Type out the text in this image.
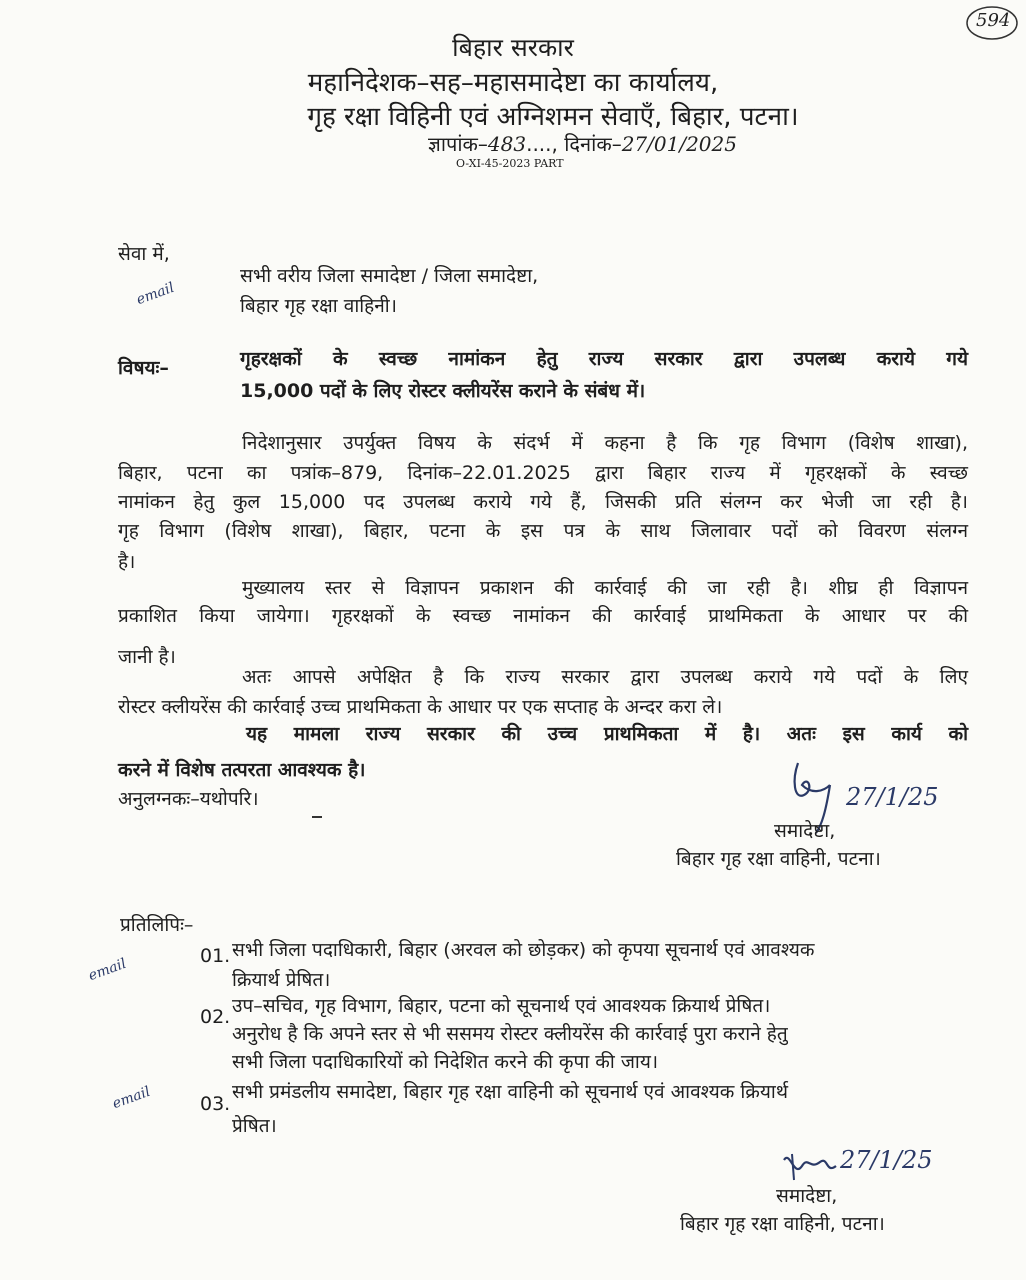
594
बिहार सरकार
महानिदेशक–सह–महासमादेष्टा का कार्यालय,
गृह रक्षा विहिनी एवं अग्निशमन सेवाएँ, बिहार, पटना।
ज्ञापांक–483...., दिनांक–27/01/2025
O-XI-45-2023 PART
सेवा में,
सभी वरीय जिला समादेष्टा / जिला समादेष्टा,
बिहार गृह रक्षा वाहिनी।
email
विषयः–	गृहरक्षकों के स्वच्छ नामांकन हेतु राज्य सरकार द्वारा उपलब्ध कराये गये
15,000 पदों के लिए रोस्टर क्लीयरेंस कराने के संबंध में।
निदेशानुसार उपर्युक्त विषय के संदर्भ में कहना है कि गृह विभाग (विशेष शाखा),
बिहार, पटना का पत्रांक–879, दिनांक–22.01.2025 द्वारा बिहार राज्य में गृहरक्षकों के स्वच्छ
नामांकन हेतु कुल 15,000 पद उपलब्ध कराये गये हैं, जिसकी प्रति संलग्न कर भेजी जा रही है।
गृह विभाग (विशेष शाखा), बिहार, पटना के इस पत्र के साथ जिलावार पदों को विवरण संलग्न
है।
मुख्यालय स्तर से विज्ञापन प्रकाशन की कार्रवाई की जा रही है। शीघ्र ही विज्ञापन
प्रकाशित किया जायेगा। गृहरक्षकों के स्वच्छ नामांकन की कार्रवाई प्राथमिकता के आधार पर की
जानी है।
अतः आपसे अपेक्षित है कि राज्य सरकार द्वारा उपलब्ध कराये गये पदों के लिए
रोस्टर क्लीयरेंस की कार्रवाई उच्च प्राथमिकता के आधार पर एक सप्ताह के अन्दर करा ले।
यह मामला राज्य सरकार की उच्च प्राथमिकता में है। अतः इस कार्य को
करने में विशेष तत्परता आवश्यक है।
अनुलग्नकः–यथोपरि।	27/1/25
समादेष्टा,
बिहार गृह रक्षा वाहिनी, पटना।
प्रतिलिपिः–
01. सभी जिला पदाधिकारी, बिहार (अरवल को छोड़कर) को कृपया सूचनार्थ एवं आवश्यक
क्रियार्थ प्रेषित।
email
02. उप–सचिव, गृह विभाग, बिहार, पटना को सूचनार्थ एवं आवश्यक क्रियार्थ प्रेषित।
अनुरोध है कि अपने स्तर से भी ससमय रोस्टर क्लीयरेंस की कार्रवाई पुरा कराने हेतु
सभी जिला पदाधिकारियों को निदेशित करने की कृपा की जाय।
03.
सभी प्रमंडलीय समादेष्टा, बिहार गृह रक्षा वाहिनी को सूचनार्थ एवं आवश्यक क्रियार्थ
प्रेषित।
email
27/1/25
समादेष्टा,
बिहार गृह रक्षा वाहिनी, पटना।
